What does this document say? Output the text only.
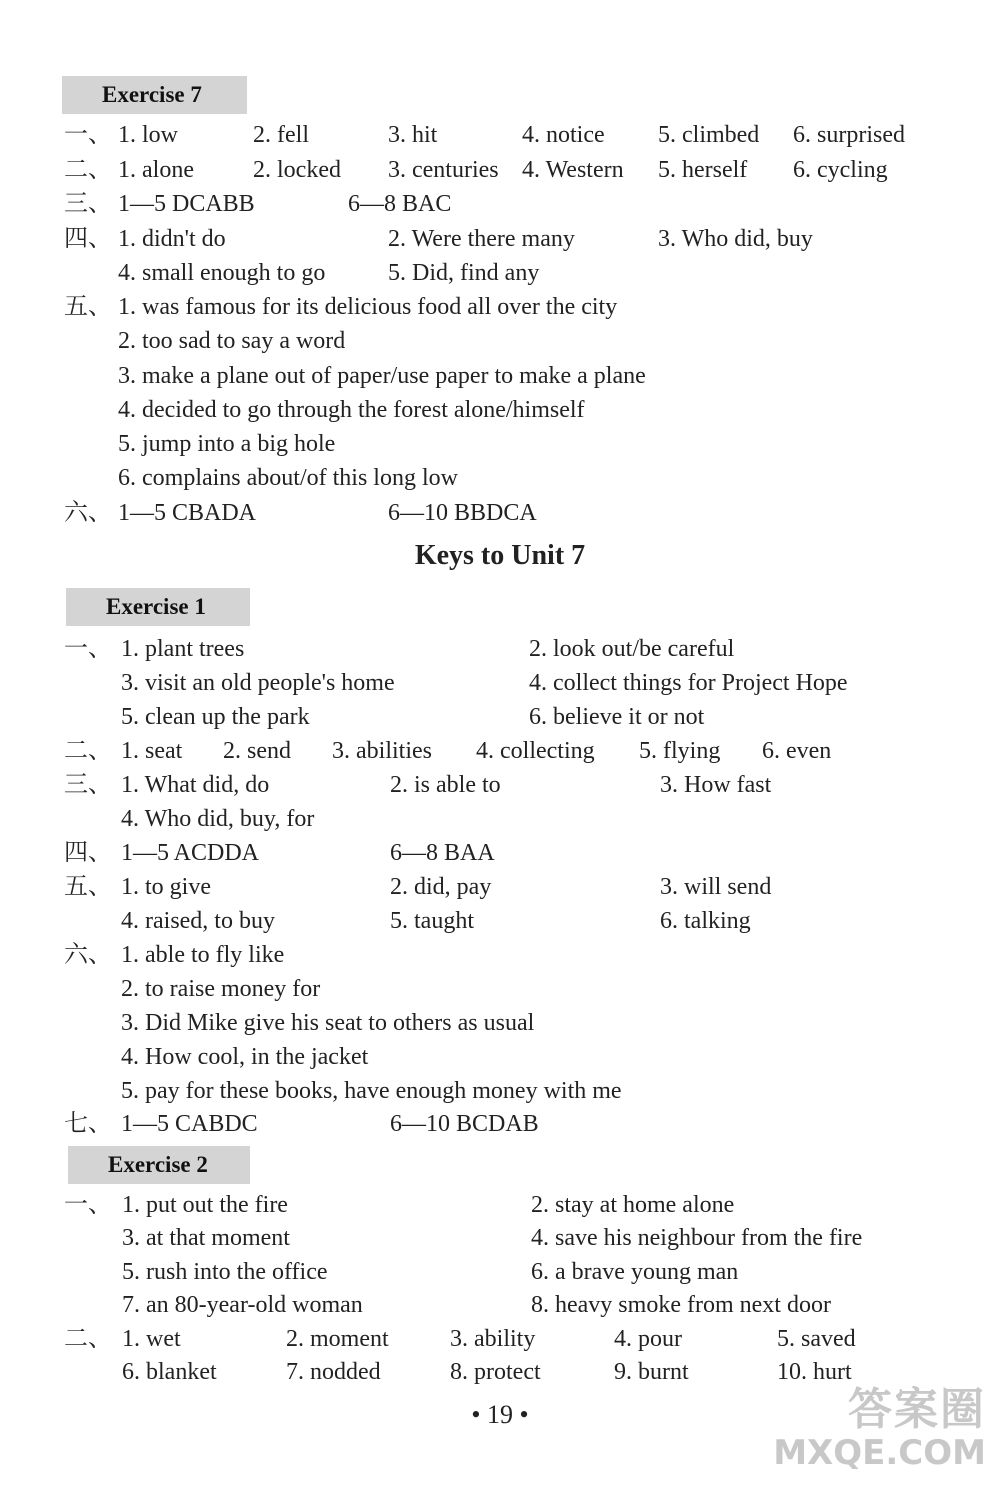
Exercise 7
一、 1. low	2. fell	3. hit	4. notice 5. climbed 6. surprised
二、 1. alone 2. locked 3. centuries 4. Western 5. herself 6. cycling
三、 1—5 DCABB	6—8 BAC
四、 1. didn't do	2. Were there many	3. Who did, buy
4. small enough to go	5. Did, find any
五、 1. was famous for its delicious food all over the city
2. too sad to say a word
3. make a plane out of paper/use paper to make a plane
4. decided to go through the forest alone/himself
5. jump into a big hole
6. complains about/of this long low
六、 1—5 CBADA	6—10 BBDCA
Keys to Unit 7
Exercise 1
一、 1. plant trees	2. look out/be careful
3. visit an old people's home	4. collect things for Project Hope
5. clean up the park	6. believe it or not
二、 1. seat 2. send 3. abilities 4. collecting 5. flying 6. even
三、 1. What did, do	2. is able to	3. How fast
4. Who did, buy, for
四、 1—5 ACDDA	6—8 BAA
五、 1. to give	2. did, pay	3. will send
4. raised, to buy	5. taught	6. talking
六、 1. able to fly like
2. to raise money for
3. Did Mike give his seat to others as usual
4. How cool, in the jacket
5. pay for these books, have enough money with me
七、 1—5 CABDC	6—10 BCDAB
Exercise 2
一、 1. put out the fire	2. stay at home alone
3. at that moment	4. save his neighbour from the fire
5. rush into the office	6. a brave young man
7. an 80-year-old woman	8. heavy smoke from next door
二、 1. wet	2. moment	3. ability	4. pour	5. saved
6. blanket	7. nodded	8. protect	9. burnt	10. hurt
• 19 •	答案圈
MXQE.COM
